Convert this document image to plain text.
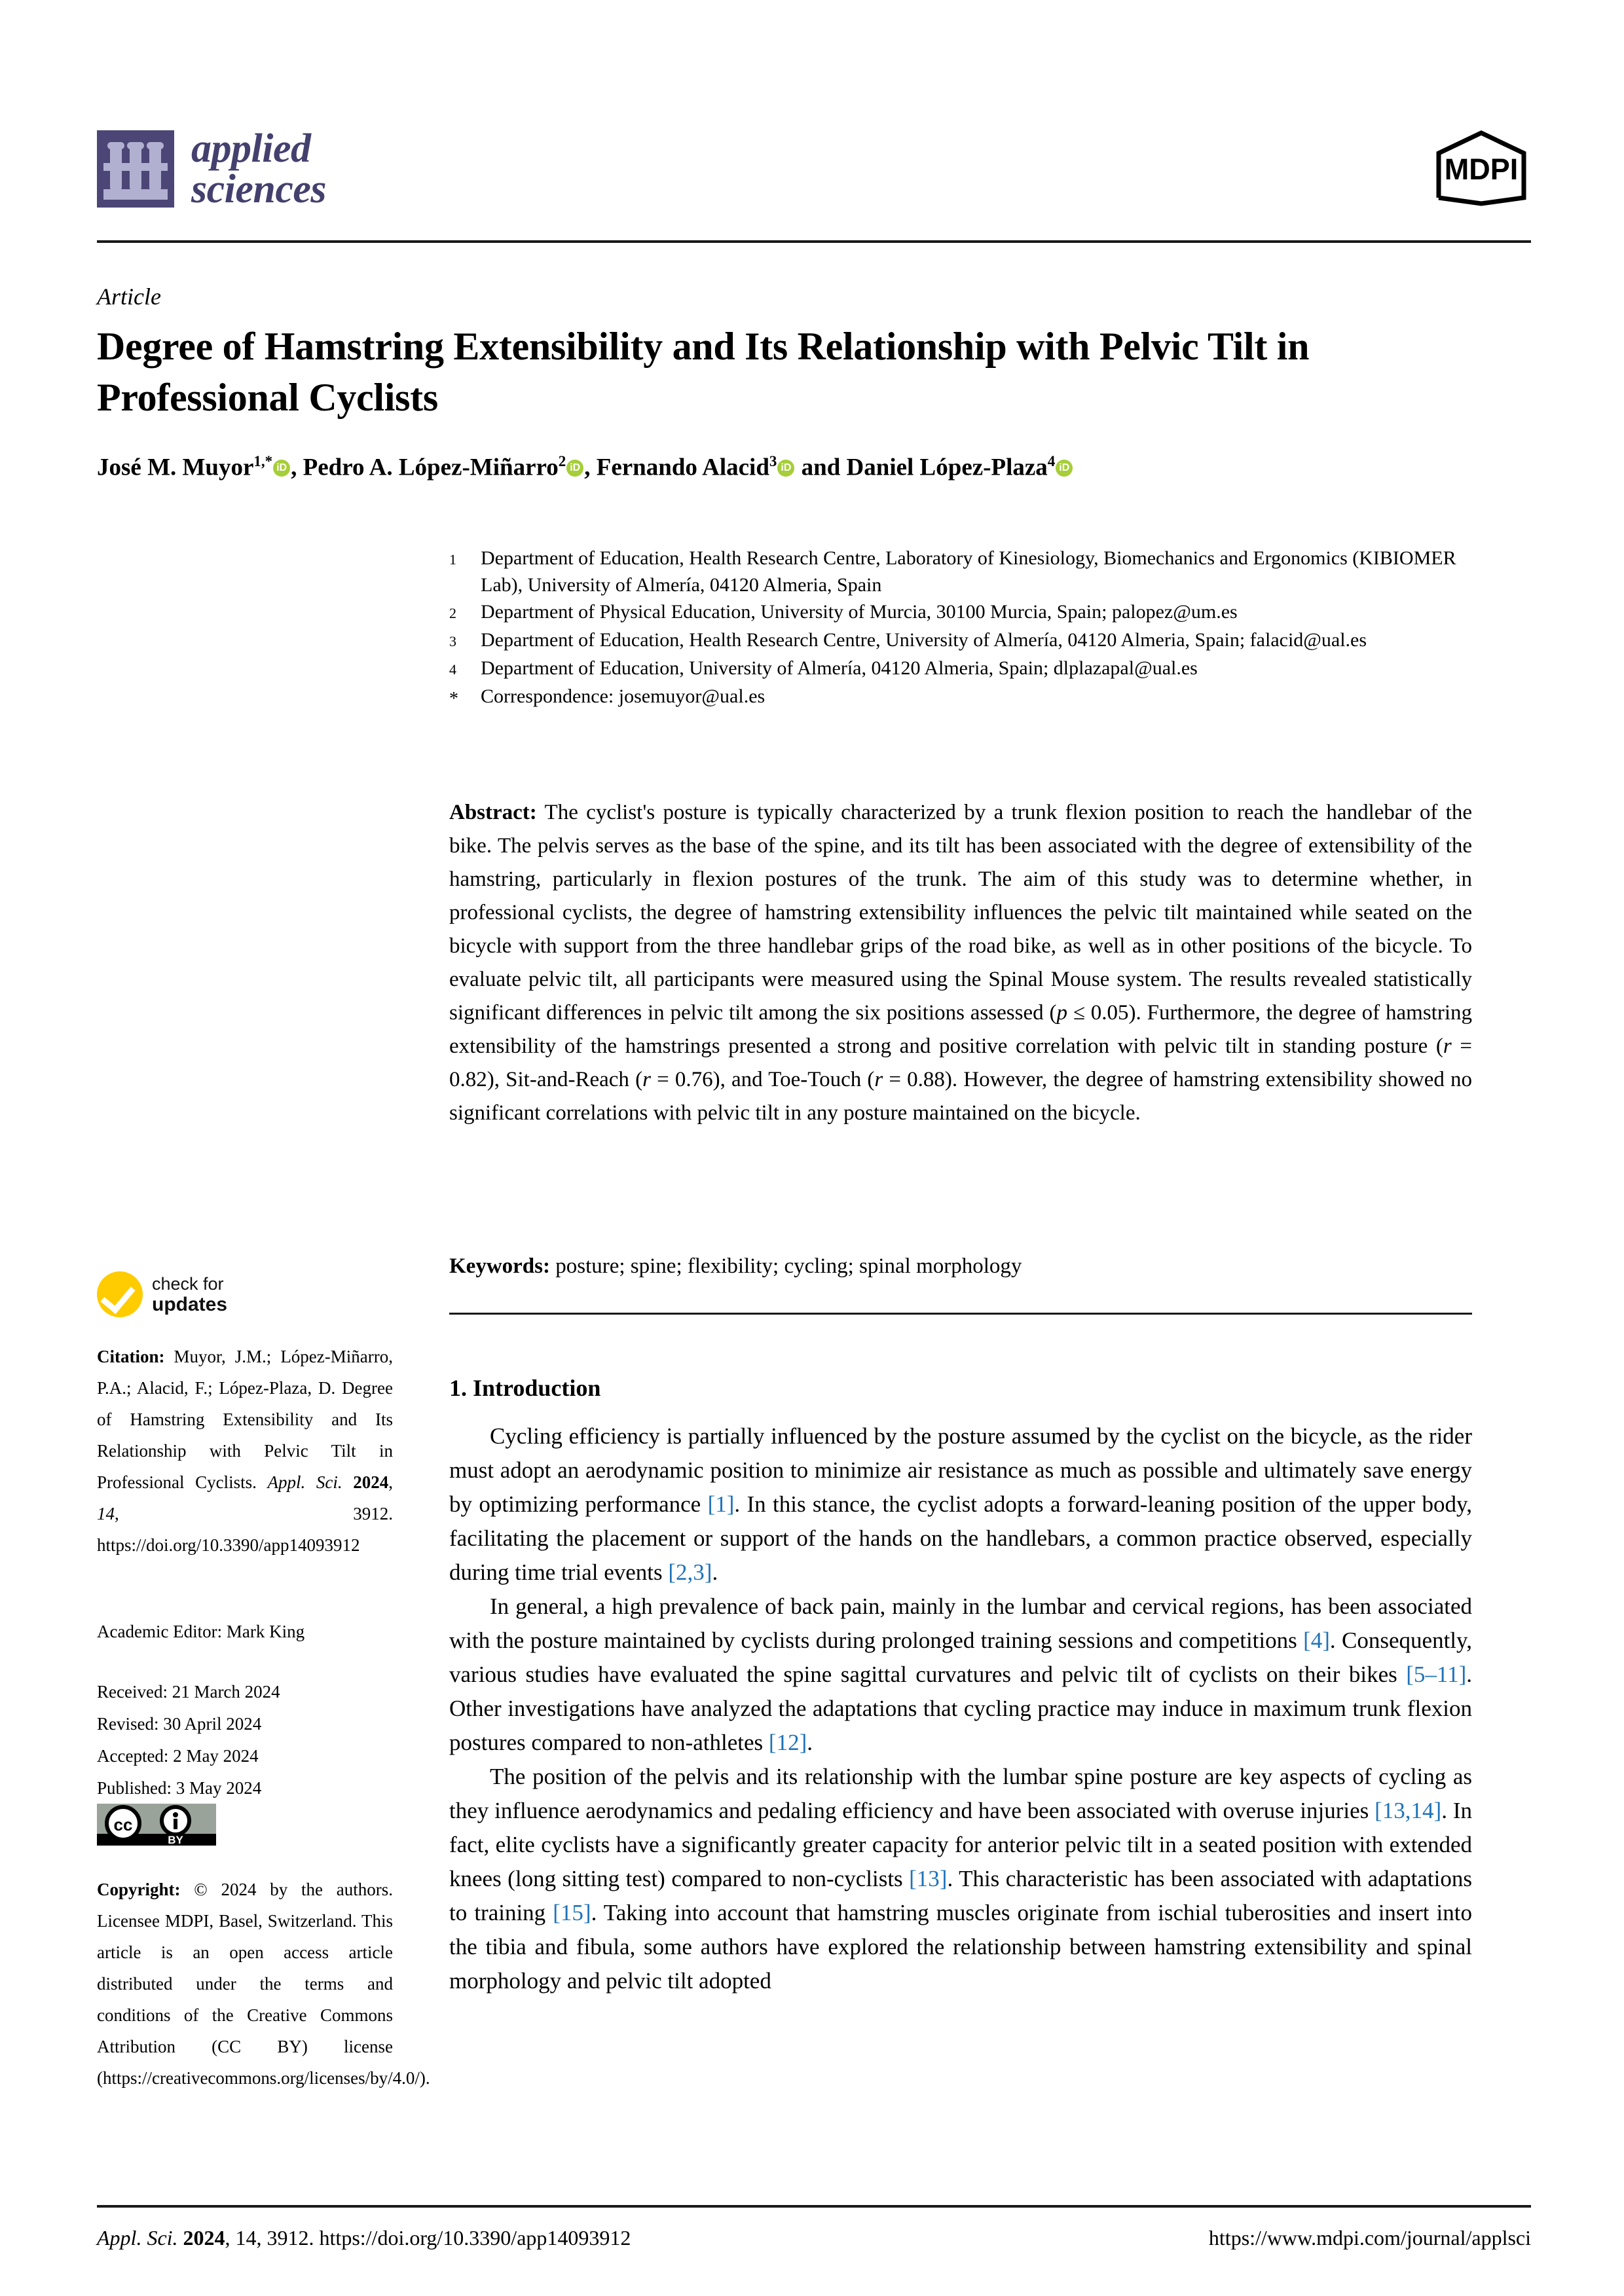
applied
sciences	MDPI
Article
Degree of Hamstring Extensibility and Its Relationship with Pelvic Tilt in Professional Cyclists
José M. Muyor$^{1,*}$ iD , Pedro A. López-Miñarro$^2$ iD , Fernando Alacid$^3$ iD and Daniel López-Plaza$^4$ iD
1	Department of Education, Health Research Centre, Laboratory of Kinesiology, Biomechanics and Ergonomics (KIBIOMER Lab), University of Almería, 04120 Almeria, Spain
2	Department of Physical Education, University of Murcia, 30100 Murcia, Spain; palopez@um.es
3	Department of Education, Health Research Centre, University of Almería, 04120 Almeria, Spain; falacid@ual.es
4	Department of Education, University of Almería, 04120 Almeria, Spain; dlplazapal@ual.es
*	Correspondence: josemuyor@ual.es
Abstract: The cyclist's posture is typically characterized by a trunk flexion position to reach the handlebar of the bike. The pelvis serves as the base of the spine, and its tilt has been associated with the degree of extensibility of the hamstring, particularly in flexion postures of the trunk. The aim of this study was to determine whether, in professional cyclists, the degree of hamstring extensibility influences the pelvic tilt maintained while seated on the bicycle with support from the three handlebar grips of the road bike, as well as in other positions of the bicycle. To evaluate pelvic tilt, all participants were measured using the Spinal Mouse system. The results revealed statistically significant differences in pelvic tilt among the six positions assessed (p ≤ 0.05). Furthermore, the degree of hamstring extensibility of the hamstrings presented a strong and positive correlation with pelvic tilt in standing posture (r = 0.82), Sit-and-Reach (r = 0.76), and Toe-Touch (r = 0.88). However, the degree of hamstring extensibility showed no significant correlations with pelvic tilt in any posture maintained on the bicycle.
Keywords: posture; spine; flexibility; cycling; spinal morphology
1. Introduction

Cycling efficiency is partially influenced by the posture assumed by the cyclist on the bicycle, as the rider must adopt an aerodynamic position to minimize air resistance as much as possible and ultimately save energy by optimizing performance [1]. In this stance, the cyclist adopts a forward-leaning position of the upper body, facilitating the placement or support of the hands on the handlebars, a common practice observed, especially during time trial events [2,3].

In general, a high prevalence of back pain, mainly in the lumbar and cervical regions, has been associated with the posture maintained by cyclists during prolonged training sessions and competitions [4]. Consequently, various studies have evaluated the spine sagittal curvatures and pelvic tilt of cyclists on their bikes [5–11]. Other investigations have analyzed the adaptations that cycling practice may induce in maximum trunk flexion postures compared to non-athletes [12].

The position of the pelvis and its relationship with the lumbar spine posture are key aspects of cycling as they influence aerodynamics and pedaling efficiency and have been associated with overuse injuries [13,14]. In fact, elite cyclists have a significantly greater capacity for anterior pelvic tilt in a seated position with extended knees (long sitting test) compared to non-cyclists [13]. This characteristic has been associated with adaptations to training [15]. Taking into account that hamstring muscles originate from ischial tuberosities and insert into the tibia and fibula, some authors have explored the relationship between hamstring extensibility and spinal morphology and pelvic tilt adopted

check for
updates
Citation: Muyor, J.M.; López-Miñarro, P.A.; Alacid, F.; López-Plaza, D. Degree of Hamstring Extensibility and Its Relationship with Pelvic Tilt in Professional Cyclists. Appl. Sci. 2024, 14, 3912. https://doi.org/10.3390/app14093912
Academic Editor: Mark King
Received: 21 March 2024
Revised: 30 April 2024
Accepted: 2 May 2024
Published: 3 May 2024
cc
BY
Copyright: © 2024 by the authors. Licensee MDPI, Basel, Switzerland. This article is an open access article distributed under the terms and conditions of the Creative Commons Attribution (CC BY) license (https://creativecommons.org/licenses/by/4.0/).
Appl. Sci. 2024, 14, 3912. https://doi.org/10.3390/app14093912	https://www.mdpi.com/journal/applsci
